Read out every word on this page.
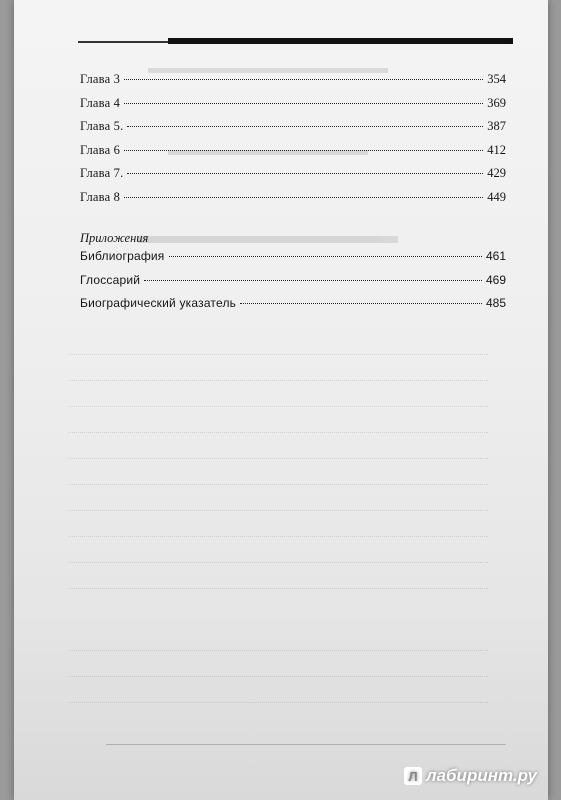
Глава 3	354
Глава 4	369
Глава 5.	387
Глава 6	412
Глава 7.	429
Глава 8	449
Приложения
Библиография	461
Глоссарий	469
Биографический указатель	485
Л лабиринт.ру
